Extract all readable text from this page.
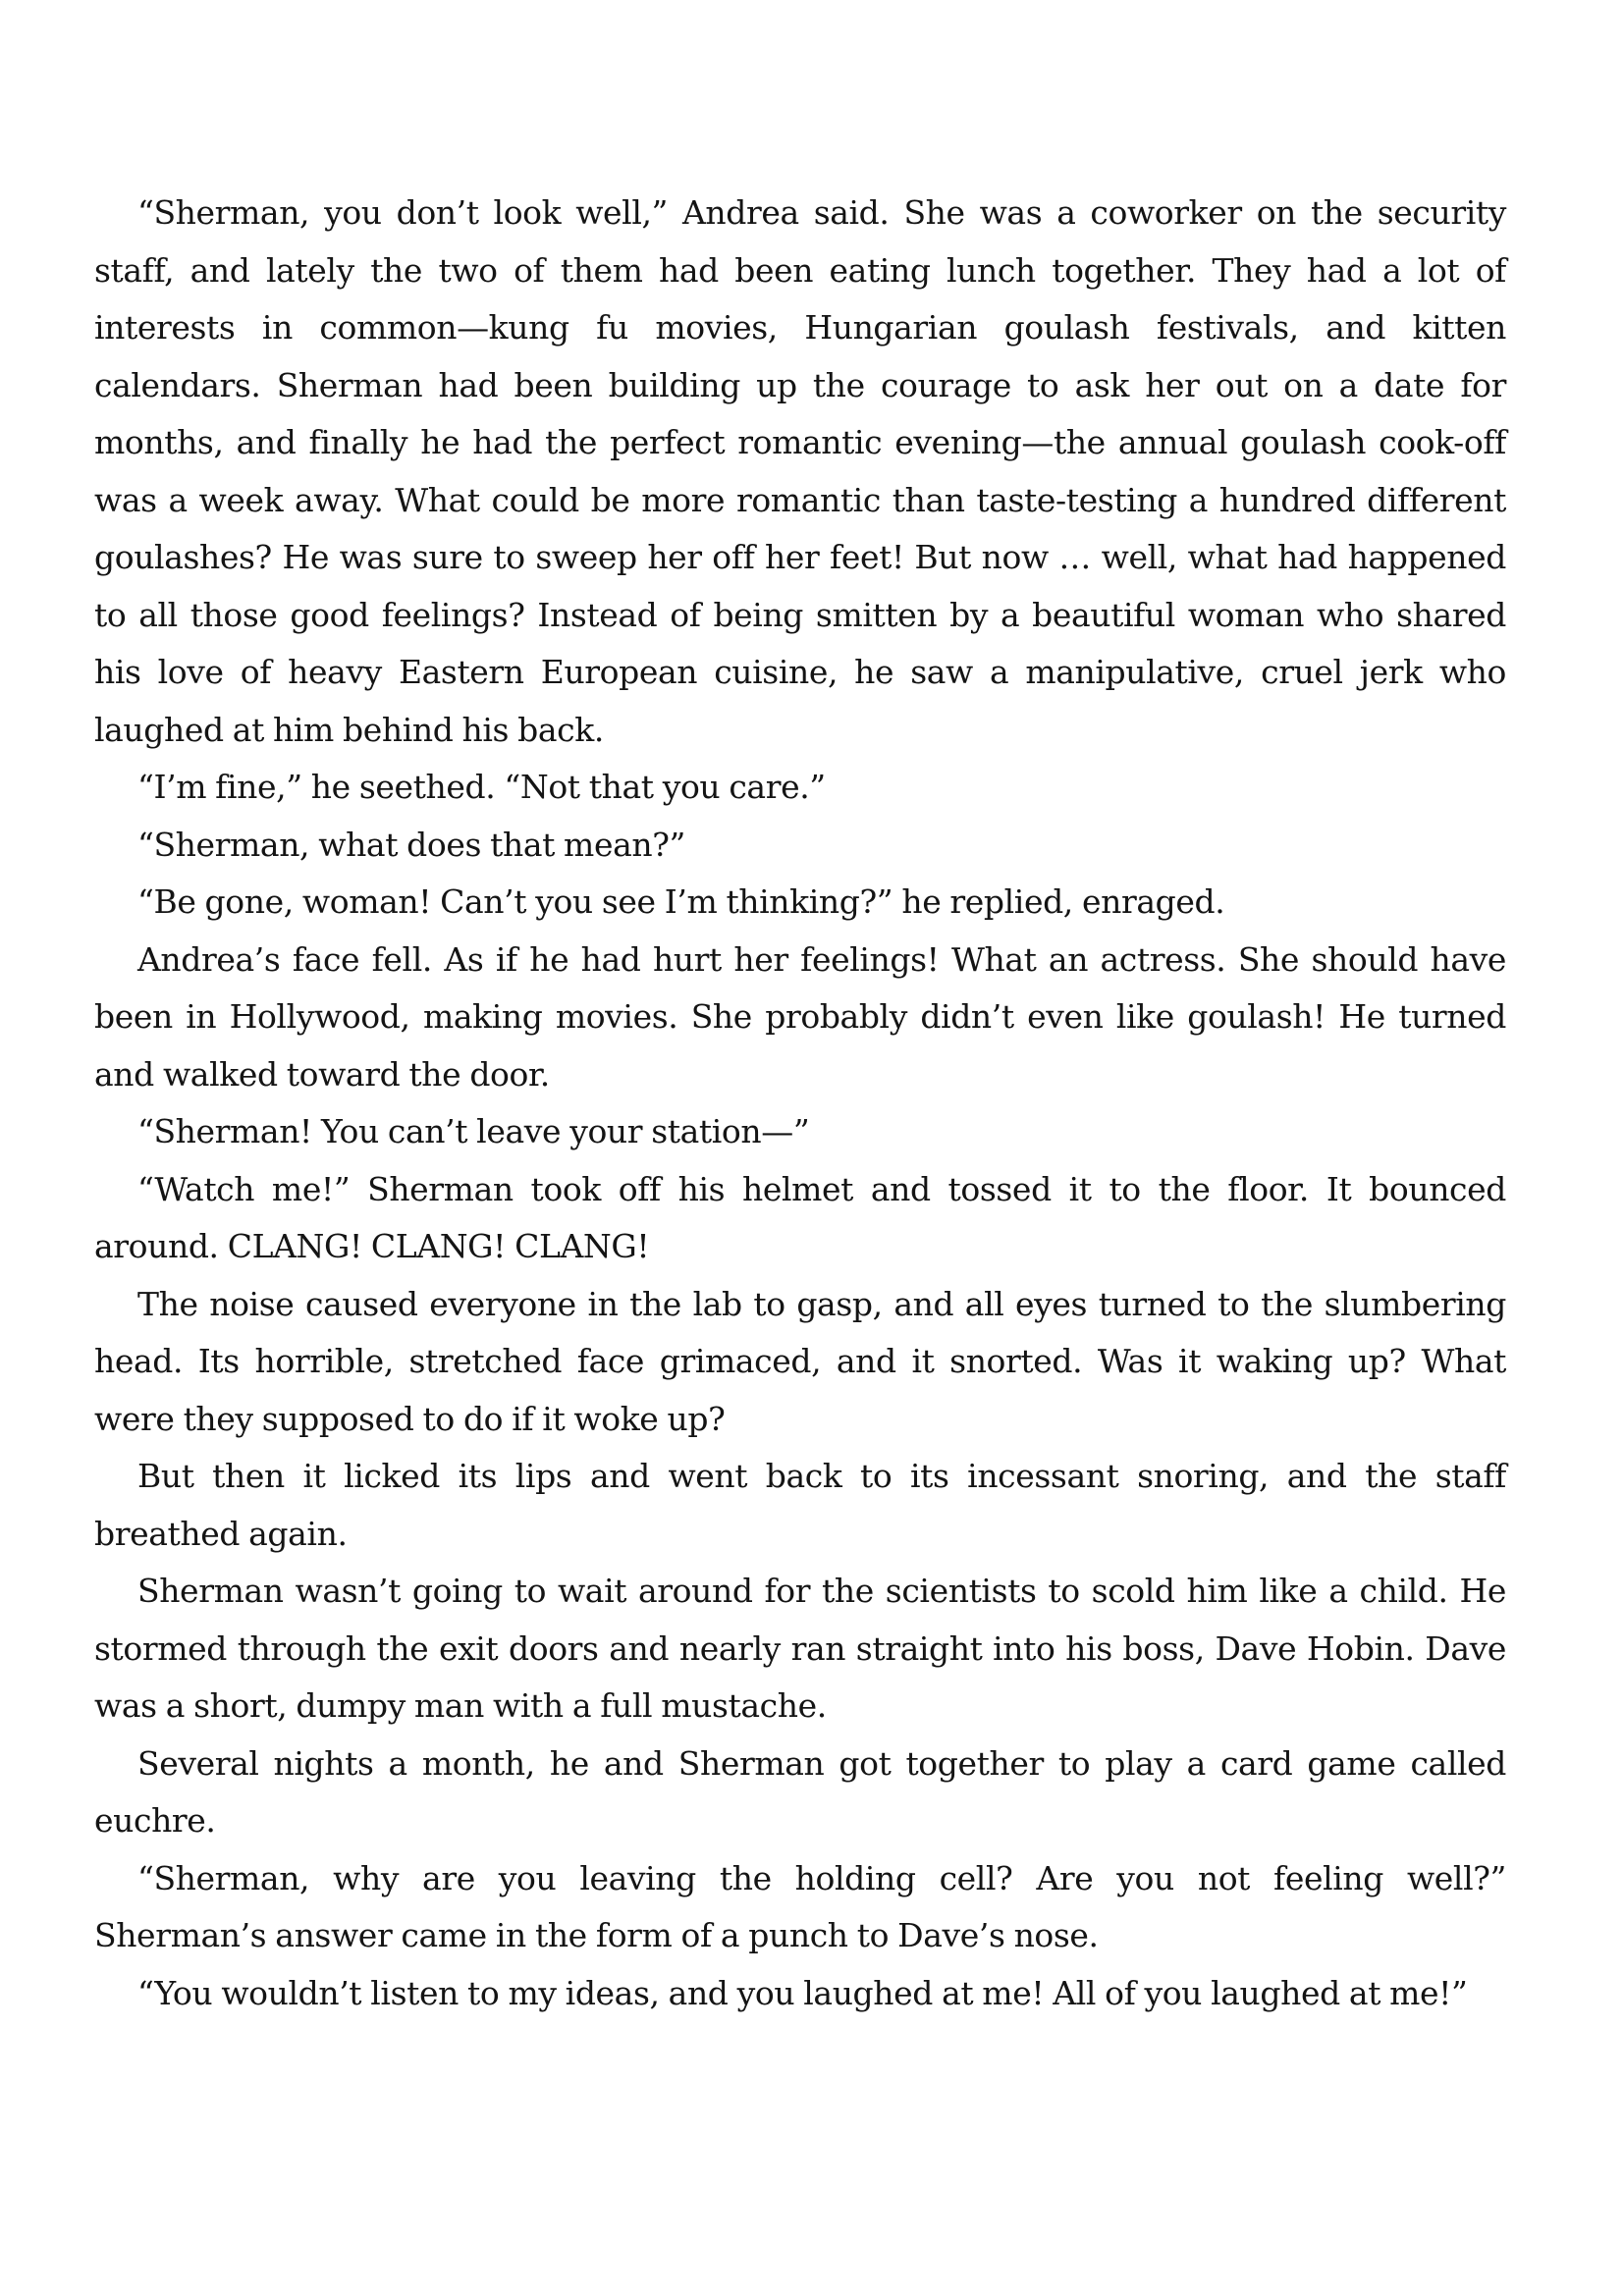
“Sherman, you don’t look well,” Andrea said. She was a coworker on the security staff, and lately the two of them had been eating lunch together. They had a lot of interests in common—kung fu movies, Hungarian goulash festivals, and kitten calendars. Sherman had been building up the courage to ask her out on a date for months, and finally he had the perfect romantic evening—the annual goulash cook-off was a week away. What could be more romantic than taste-testing a hundred different goulashes? He was sure to sweep her off her feet! But now … well, what had happened to all those good feelings? Instead of being smitten by a beautiful woman who shared his love of heavy Eastern European cuisine, he saw a manipulative, cruel jerk who laughed at him behind his back.

“I’m fine,” he seethed. “Not that you care.”

“Sherman, what does that mean?”

“Be gone, woman! Can’t you see I’m thinking?” he replied, enraged.

Andrea’s face fell. As if he had hurt her feelings! What an actress. She should have been in Hollywood, making movies. She probably didn’t even like goulash! He turned and walked toward the door.

“Sherman! You can’t leave your station—”

“Watch me!” Sherman took off his helmet and tossed it to the floor. It bounced around. CLANG! CLANG! CLANG!

The noise caused everyone in the lab to gasp, and all eyes turned to the slumbering head. Its horrible, stretched face grimaced, and it snorted. Was it waking up? What were they supposed to do if it woke up?

But then it licked its lips and went back to its incessant snoring, and the staff breathed again.

Sherman wasn’t going to wait around for the scientists to scold him like a child. He stormed through the exit doors and nearly ran straight into his boss, Dave Hobin. Dave was a short, dumpy man with a full mustache.

Several nights a month, he and Sherman got together to play a card game called euchre.

“Sherman, why are you leaving the holding cell? Are you not feeling well?” Sherman’s answer came in the form of a punch to Dave’s nose.

“You wouldn’t listen to my ideas, and you laughed at me! All of you laughed at me!”
